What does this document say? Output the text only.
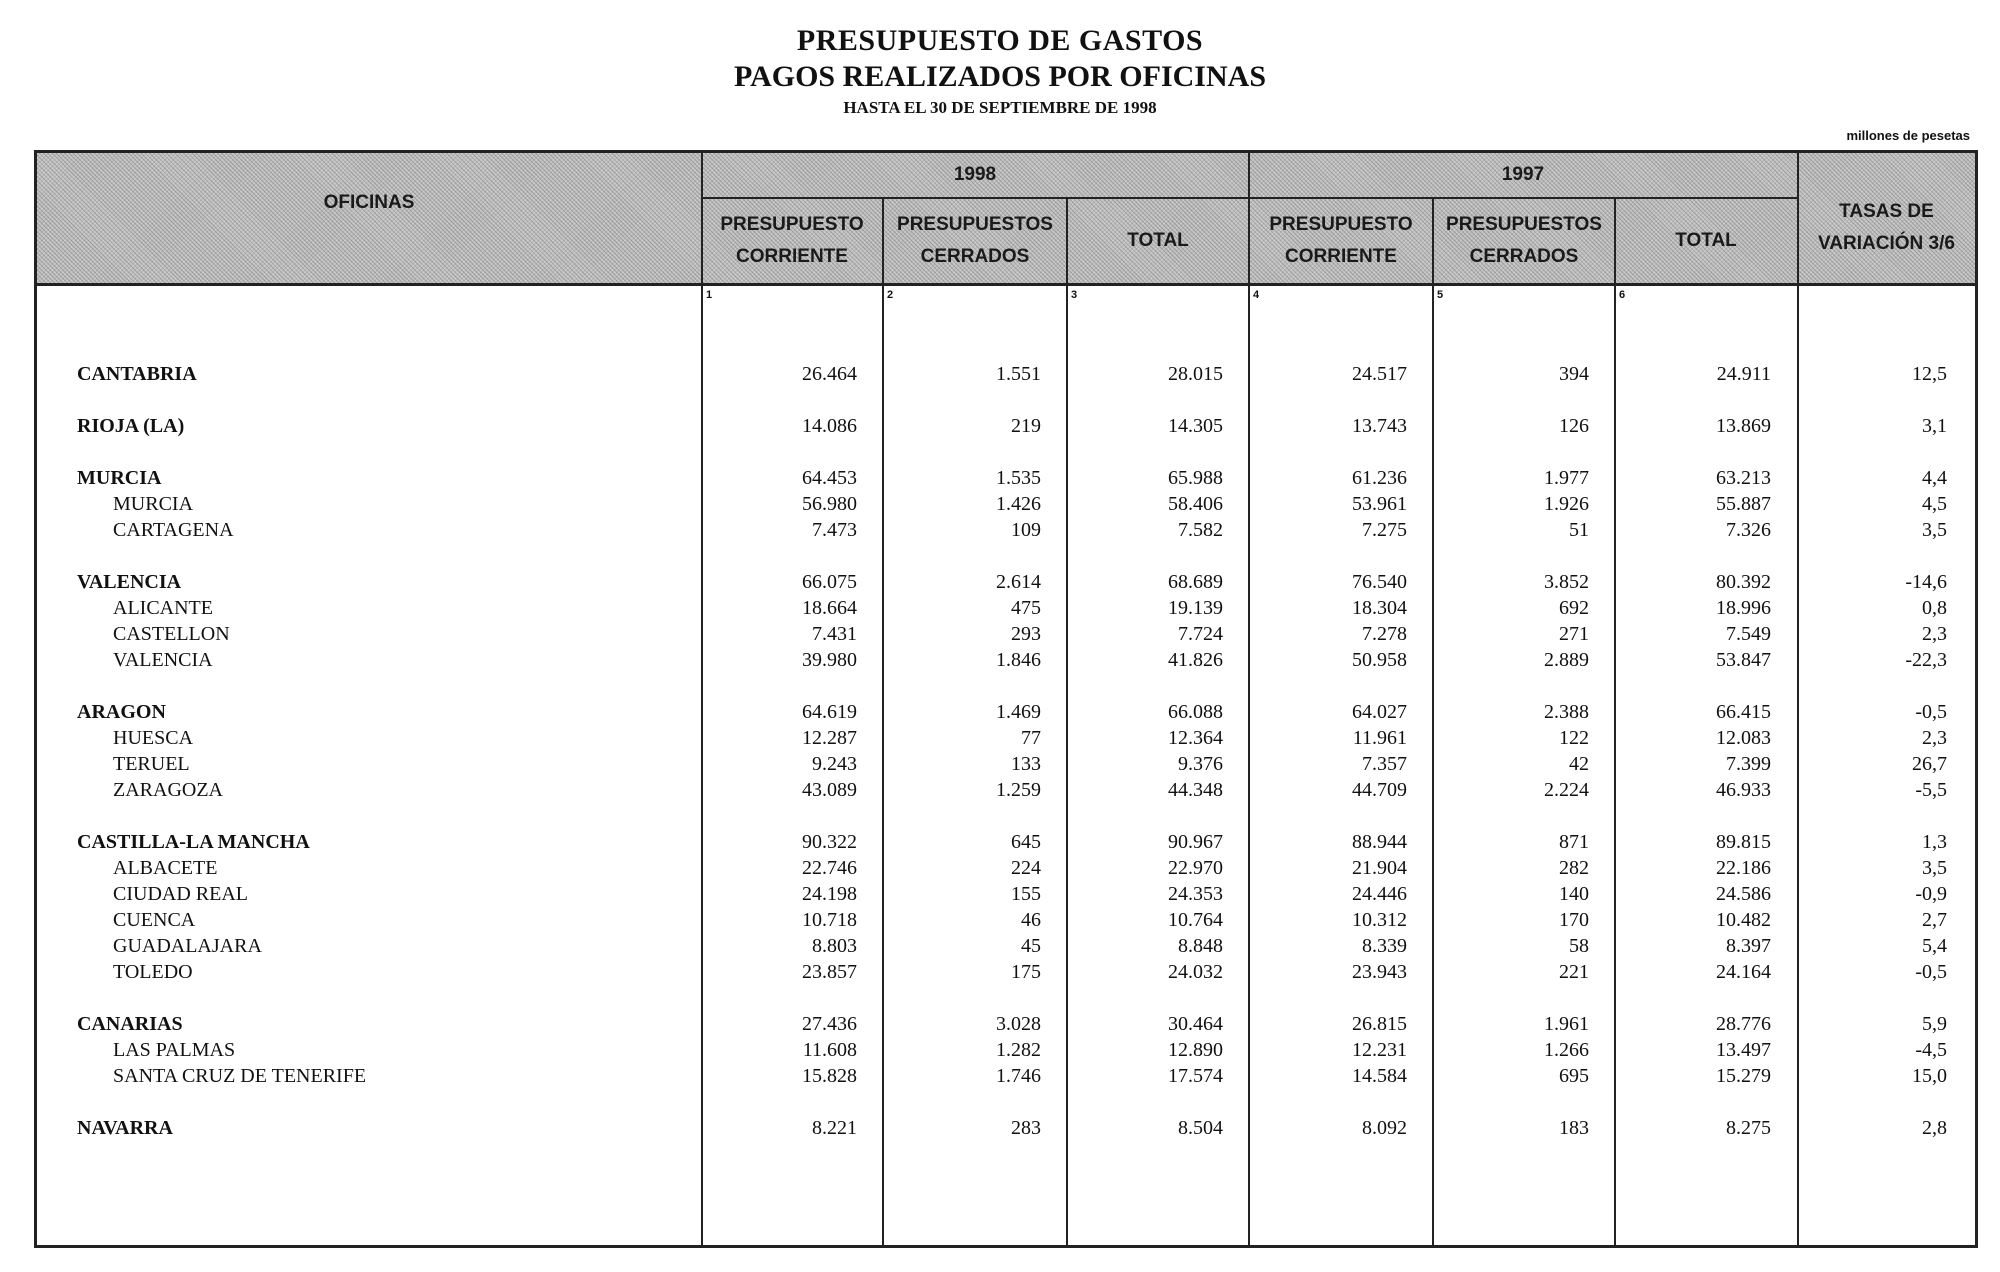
PRESUPUESTO DE GASTOS
PAGOS REALIZADOS POR OFICINAS
HASTA EL 30 DE SEPTIEMBRE DE 1998
millones de pesetas
OFICINAS
1998	1997
TASAS DE VARIACIÓN 3/6
PRESUPUESTO CORRIENTE
PRESUPUESTOS CERRADOS
TOTAL
PRESUPUESTO CORRIENTE
PRESUPUESTOS CERRADOS
TOTAL
1	2	3	4	5	6
CANTABRIA	26.464	1.551	28.015	24.517	394	24.911	12,5
RIOJA (LA)	14.086	219	14.305	13.743	126	13.869	3,1
MURCIA	64.453	1.535	65.988	61.236	1.977	63.213	4,4
MURCIA	56.980	1.426	58.406	53.961	1.926	55.887	4,5
CARTAGENA	7.473	109	7.582	7.275	51	7.326	3,5
VALENCIA	66.075	2.614	68.689	76.540	3.852	80.392	-14,6
ALICANTE	18.664	475	19.139	18.304	692	18.996	0,8
CASTELLON	7.431	293	7.724	7.278	271	7.549	2,3
VALENCIA	39.980	1.846	41.826	50.958	2.889	53.847	-22,3
ARAGON	64.619	1.469	66.088	64.027	2.388	66.415	-0,5
HUESCA	12.287	77	12.364	11.961	122	12.083	2,3
TERUEL	9.243	133	9.376	7.357	42	7.399	26,7
ZARAGOZA	43.089	1.259	44.348	44.709	2.224	46.933	-5,5
CASTILLA-LA MANCHA	90.322	645	90.967	88.944	871	89.815	1,3
ALBACETE	22.746	224	22.970	21.904	282	22.186	3,5
CIUDAD REAL	24.198	155	24.353	24.446	140	24.586	-0,9
CUENCA	10.718	46	10.764	10.312	170	10.482	2,7
GUADALAJARA	8.803	45	8.848	8.339	58	8.397	5,4
TOLEDO	23.857	175	24.032	23.943	221	24.164	-0,5
CANARIAS	27.436	3.028	30.464	26.815	1.961	28.776	5,9
LAS PALMAS	11.608	1.282	12.890	12.231	1.266	13.497	-4,5
SANTA CRUZ DE TENERIFE	15.828	1.746	17.574	14.584	695	15.279	15,0
NAVARRA	8.221	283	8.504	8.092	183	8.275	2,8
